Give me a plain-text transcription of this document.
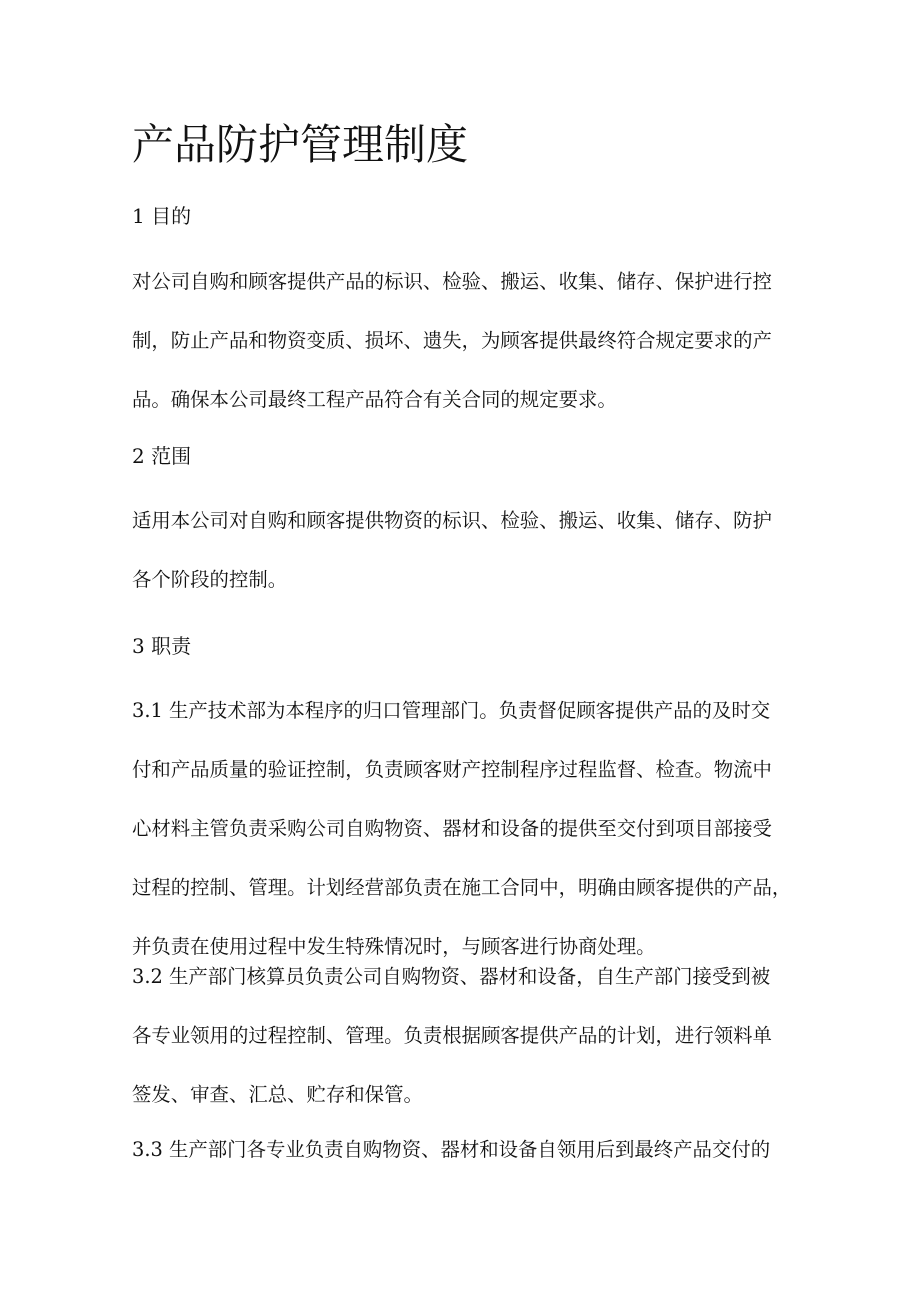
产品防护管理制度
1 目的
对公司自购和顾客提供产品的标识、检验、搬运、收集、储存、保护进行控
制，防止产品和物资变质、损坏、遗失，为顾客提供最终符合规定要求的产
品。确保本公司最终工程产品符合有关合同的规定要求。
2 范围
适用本公司对自购和顾客提供物资的标识、检验、搬运、收集、储存、防护
各个阶段的控制。
3 职责
3.1 生产技术部为本程序的归口管理部门。负责督促顾客提供产品的及时交
付和产品质量的验证控制，负责顾客财产控制程序过程监督、检查。物流中
心材料主管负责采购公司自购物资、器材和设备的提供至交付到项目部接受
过程的控制、管理。计划经营部负责在施工合同中，明确由顾客提供的产品，
并负责在使用过程中发生特殊情况时，与顾客进行协商处理。
3.2 生产部门核算员负责公司自购物资、器材和设备，自生产部门接受到被
各专业领用的过程控制、管理。负责根据顾客提供产品的计划，进行领料单
签发、审查、汇总、贮存和保管。
3.3 生产部门各专业负责自购物资、器材和设备自领用后到最终产品交付的
